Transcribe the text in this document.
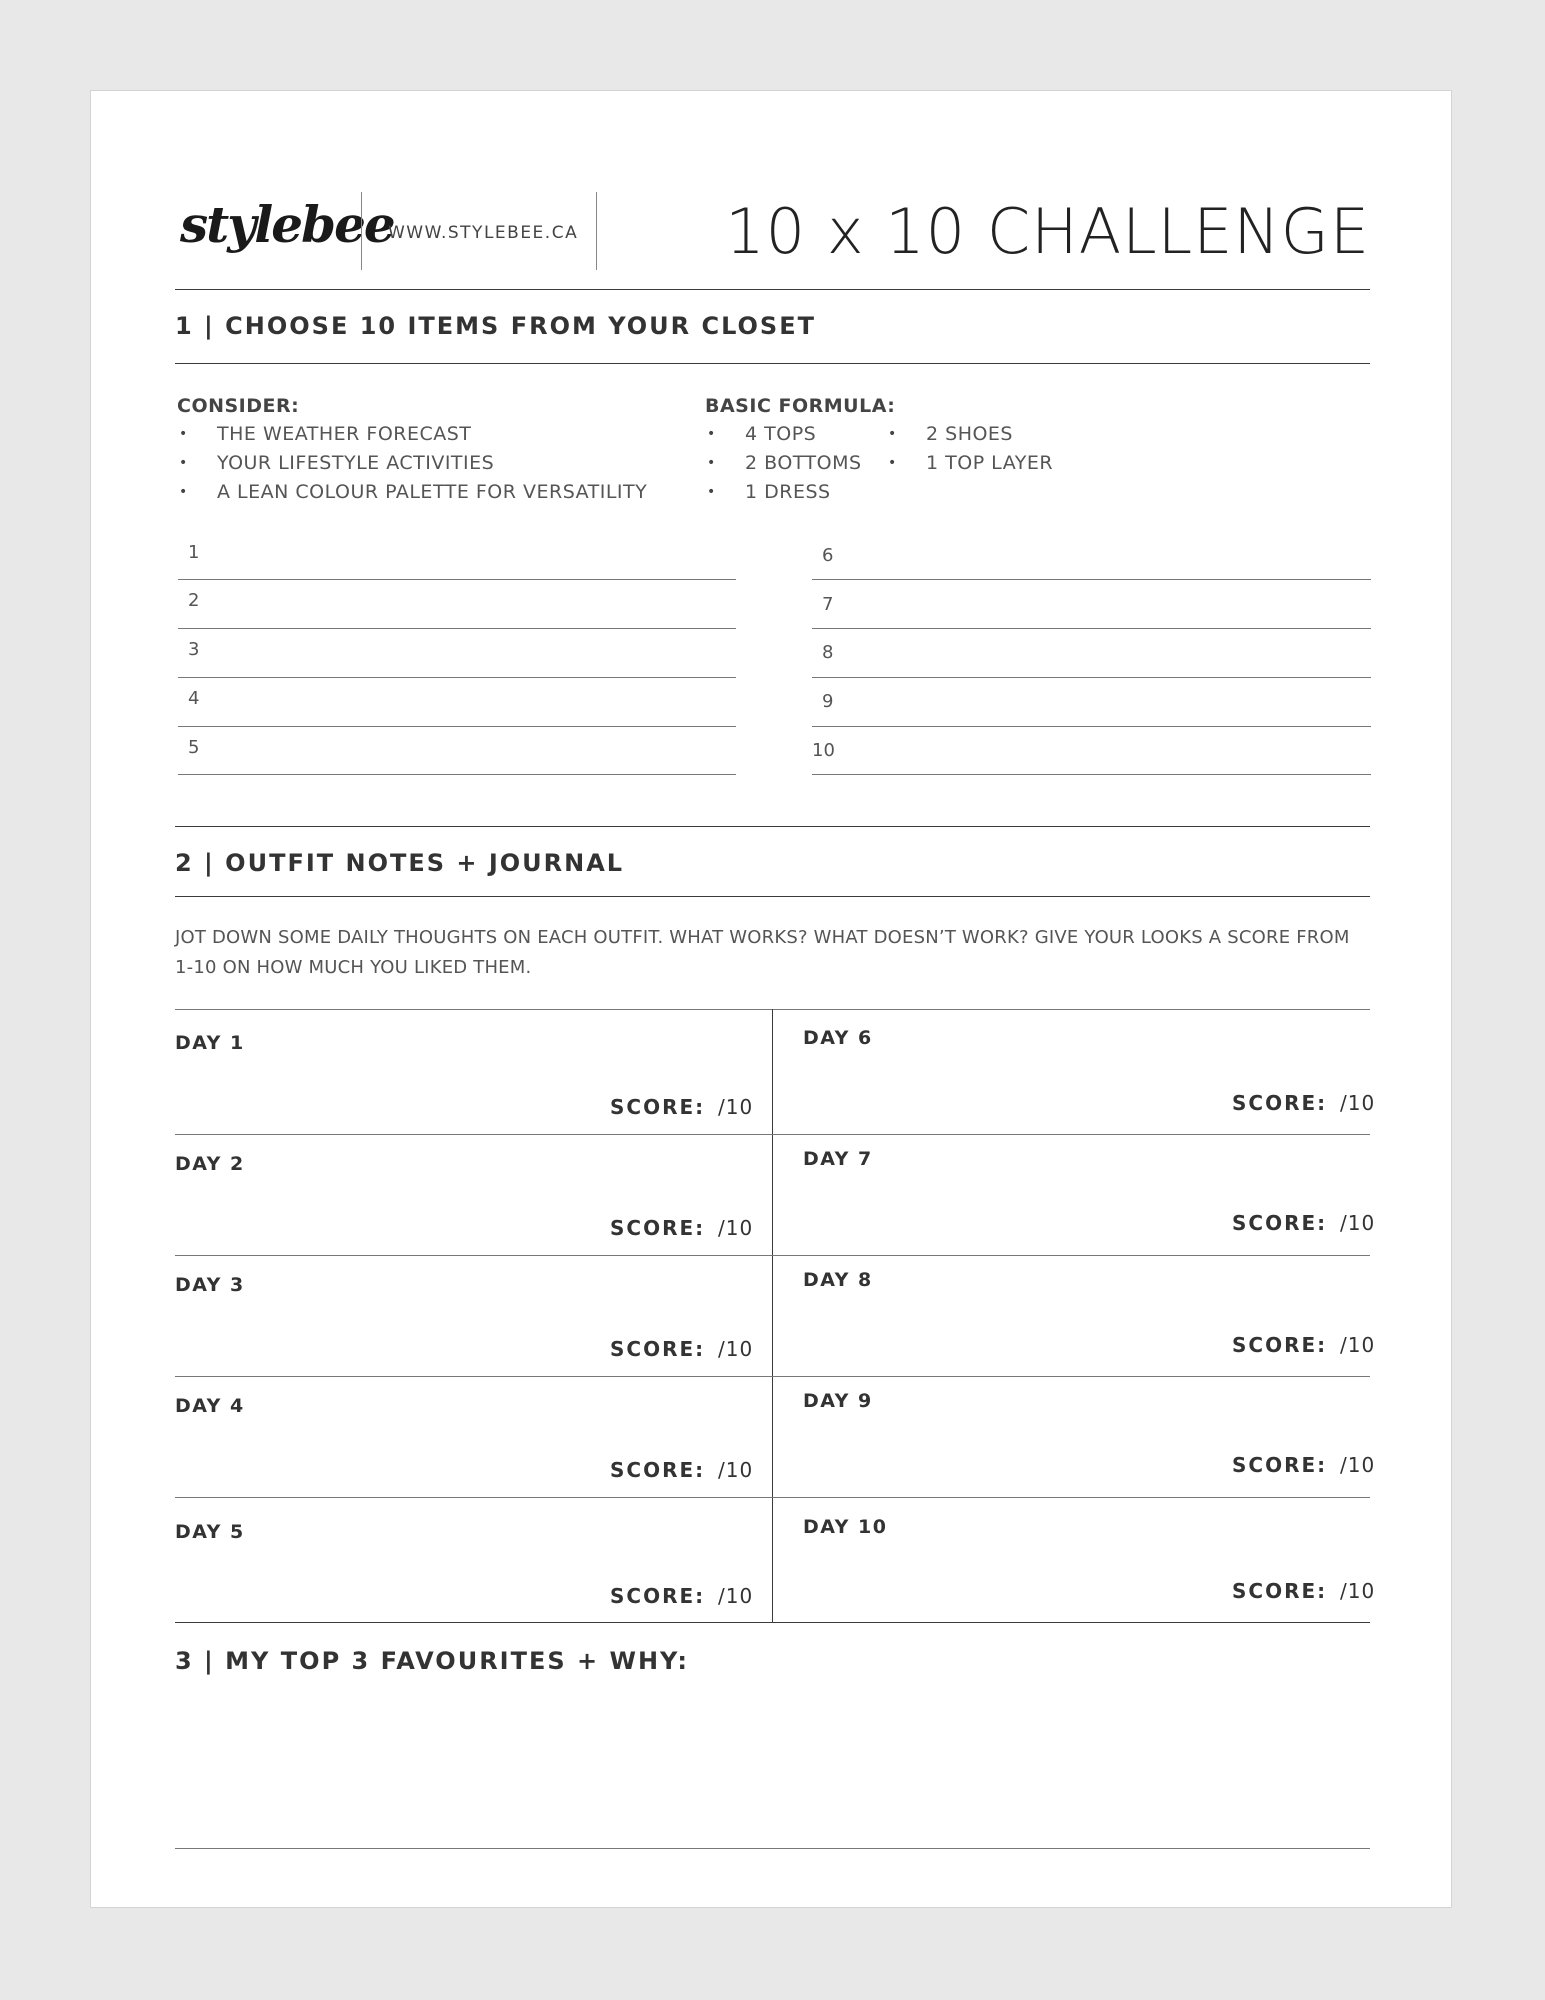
stylebee
WWW.STYLEBEE.CA 10 x 10 CHALLENGE
1 | CHOOSE 10 ITEMS FROM YOUR CLOSET
CONSIDER:
• THE WEATHER FORECAST
• YOUR LIFESTYLE ACTIVITIES
• A LEAN COLOUR PALETTE FOR VERSATILITY
BASIC FORMULA:
• 4 TOPS
• 2 BOTTOMS
• 1 DRESS
• 2 SHOES
• 1 TOP LAYER
1
2
3
4
5
6
7
8
9
10
2 | OUTFIT NOTES + JOURNAL
JOT DOWN SOME DAILY THOUGHTS ON EACH OUTFIT. WHAT WORKS? WHAT DOESN’T WORK? GIVE YOUR LOOKS A SCORE FROM 1-10 ON HOW MUCH YOU LIKED THEM.
DAY 1
SCORE: /10
DAY 2
SCORE: /10
DAY 3
SCORE: /10
DAY 4
SCORE: /10
DAY 5
SCORE: /10
DAY 6
SCORE: /10
DAY 7
SCORE: /10
DAY 8
SCORE: /10
DAY 9
SCORE: /10
DAY 10
SCORE: /10
3 | MY TOP 3 FAVOURITES + WHY:
